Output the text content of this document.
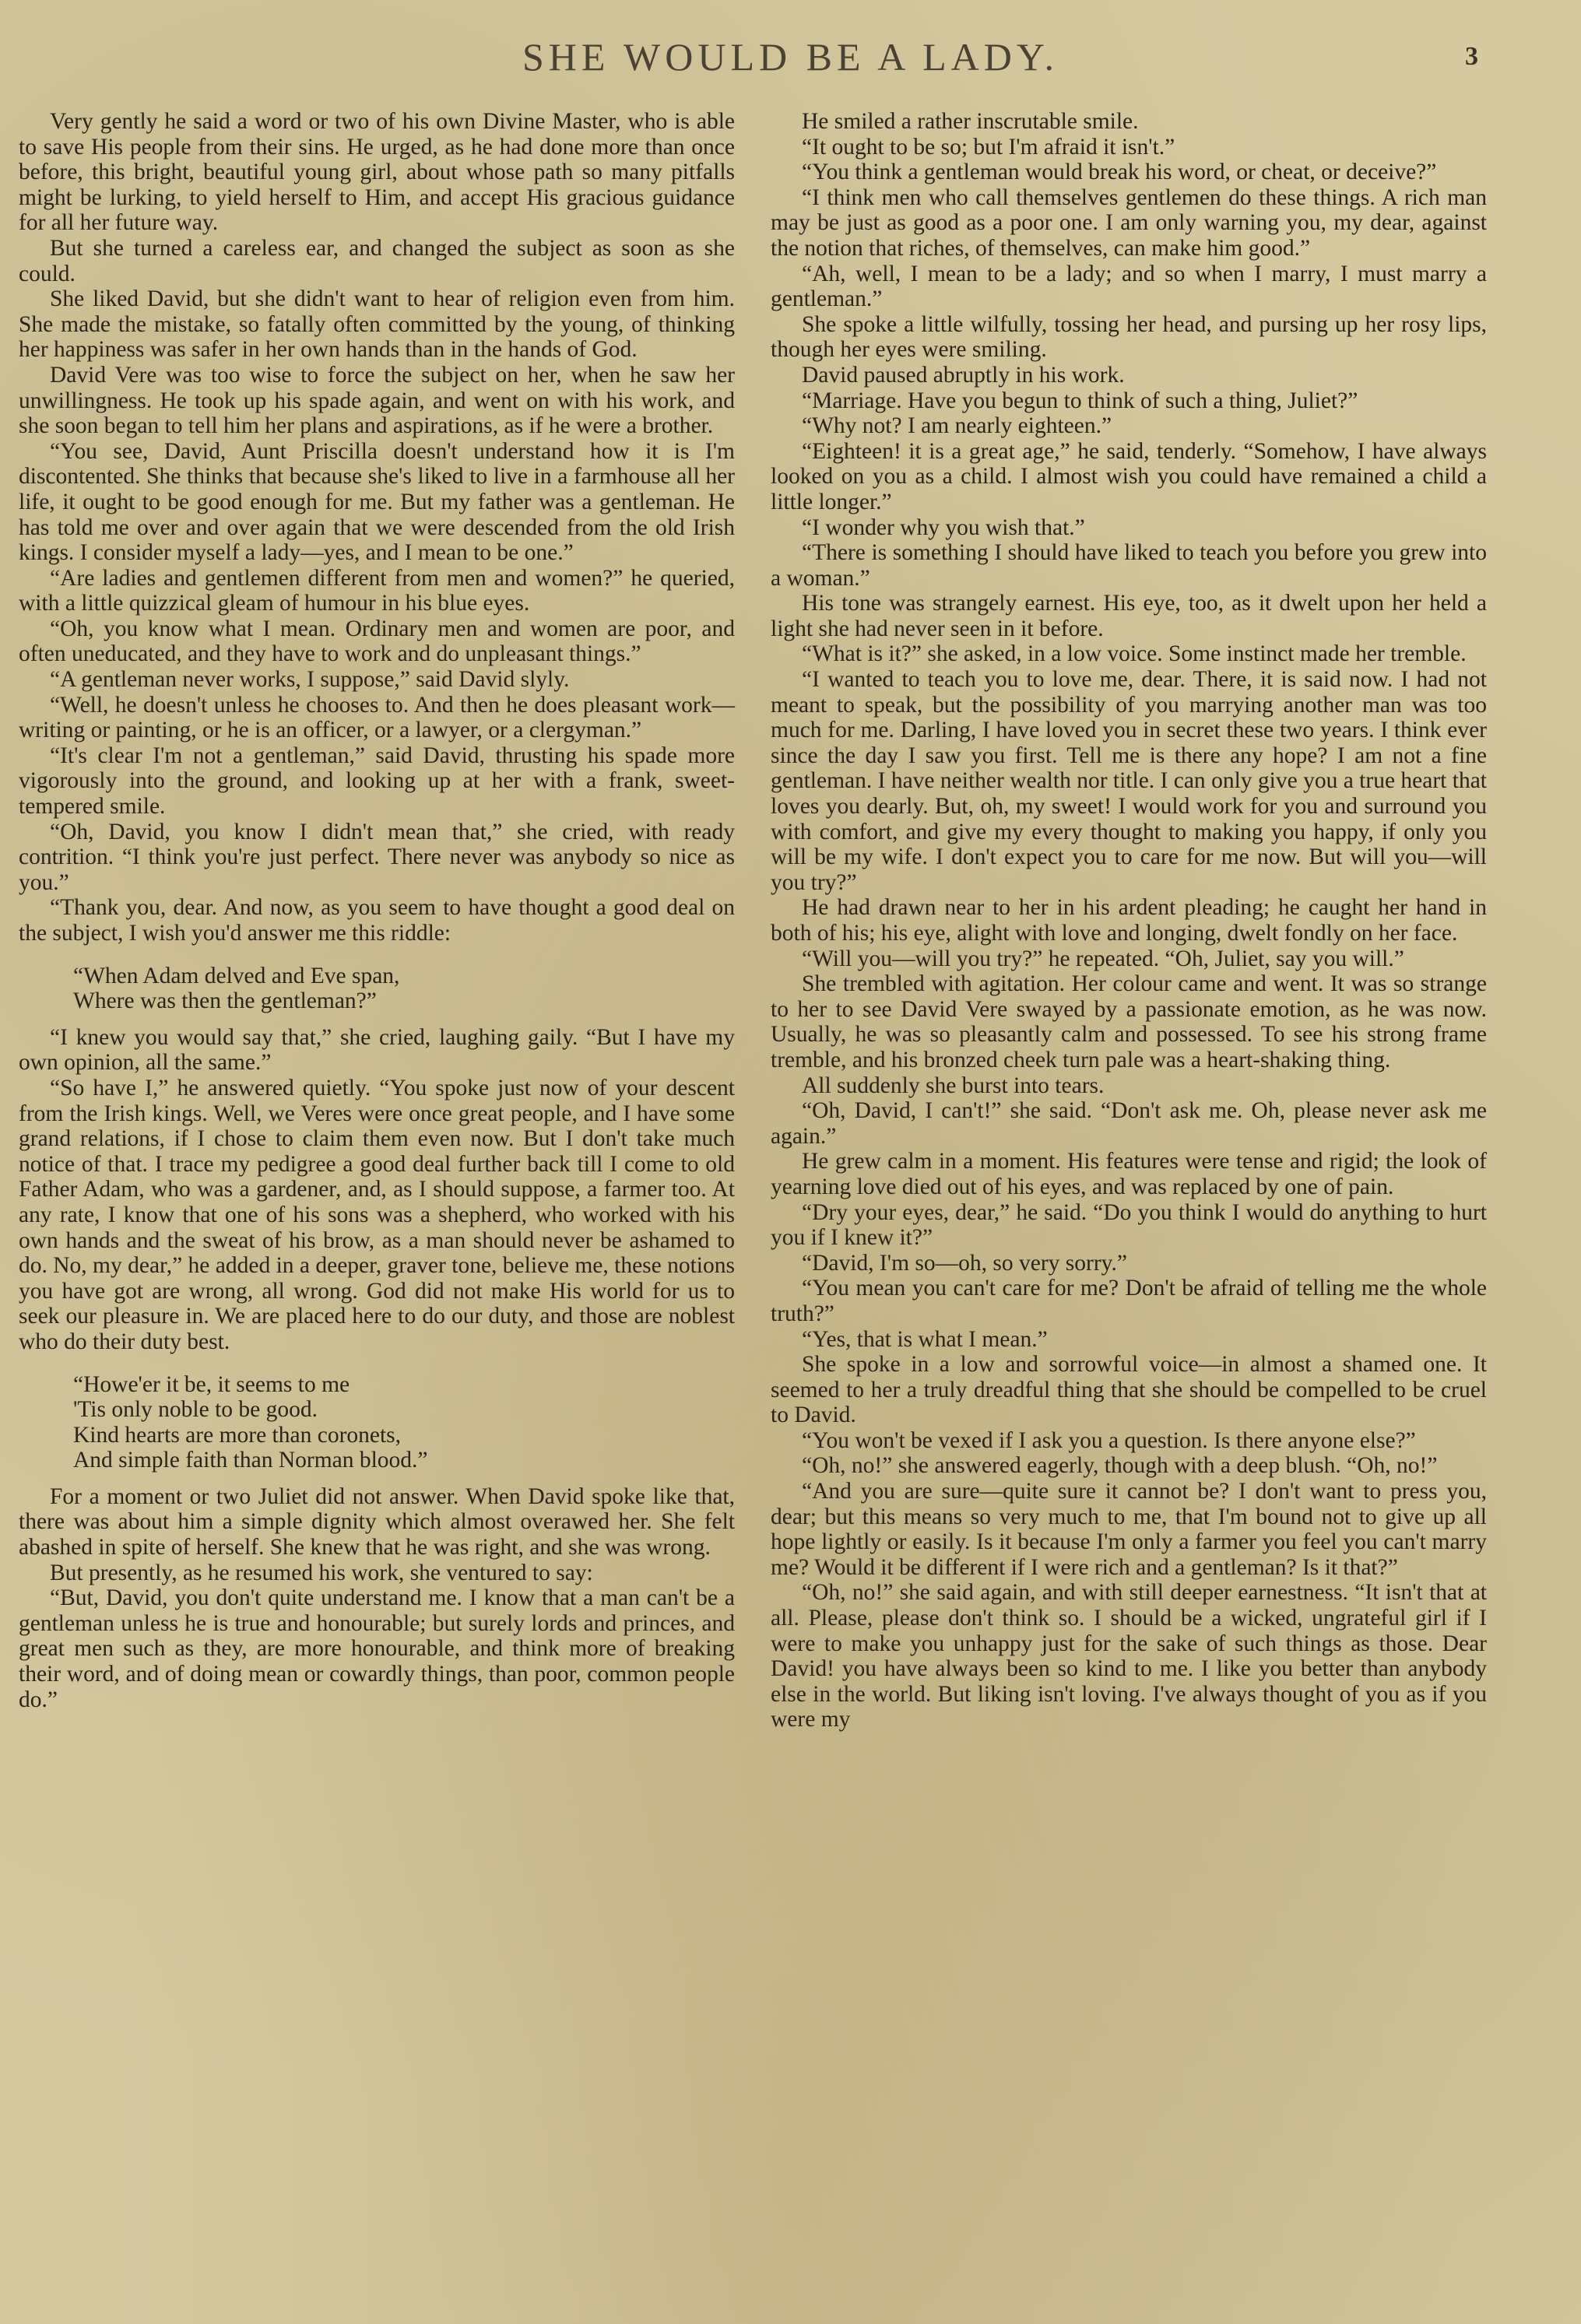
SHE WOULD BE A LADY.	3

Very gently he said a word or two of his own Divine Master, who is able to save His people from their sins. He urged, as he had done more than once before, this bright, beautiful young girl, about whose path so many pitfalls might be lurking, to yield herself to Him, and accept His gracious guidance for all her future way.

But she turned a careless ear, and changed the subject as soon as she could.

She liked David, but she didn't want to hear of religion even from him. She made the mistake, so fatally often committed by the young, of thinking her happiness was safer in her own hands than in the hands of God.

David Vere was too wise to force the subject on her, when he saw her unwillingness. He took up his spade again, and went on with his work, and she soon began to tell him her plans and aspirations, as if he were a brother.

“You see, David, Aunt Priscilla doesn't understand how it is I'm discontented. She thinks that because she's liked to live in a farmhouse all her life, it ought to be good enough for me. But my father was a gentleman. He has told me over and over again that we were descended from the old Irish kings. I consider myself a lady—yes, and I mean to be one.”

“Are ladies and gentlemen different from men and women?” he queried, with a little quizzical gleam of humour in his blue eyes.

“Oh, you know what I mean. Ordinary men and women are poor, and often uneducated, and they have to work and do unpleasant things.”

“A gentleman never works, I suppose,” said David slyly.

“Well, he doesn't unless he chooses to. And then he does pleasant work—writing or painting, or he is an officer, or a lawyer, or a clergyman.”

“It's clear I'm not a gentleman,” said David, thrusting his spade more vigorously into the ground, and looking up at her with a frank, sweet-tempered smile.

“Oh, David, you know I didn't mean that,” she cried, with ready contrition. “I think you're just perfect. There never was anybody so nice as you.”

“Thank you, dear. And now, as you seem to have thought a good deal on the subject, I wish you'd answer me this riddle:

“When Adam delved and Eve span,
Where was then the gentleman?”

“I knew you would say that,” she cried, laughing gaily. “But I have my own opinion, all the same.”

“So have I,” he answered quietly. “You spoke just now of your descent from the Irish kings. Well, we Veres were once great people, and I have some grand relations, if I chose to claim them even now. But I don't take much notice of that. I trace my pedigree a good deal further back till I come to old Father Adam, who was a gardener, and, as I should suppose, a farmer too. At any rate, I know that one of his sons was a shepherd, who worked with his own hands and the sweat of his brow, as a man should never be ashamed to do. No, my dear,” he added in a deeper, graver tone, believe me, these notions you have got are wrong, all wrong. God did not make His world for us to seek our pleasure in. We are placed here to do our duty, and those are noblest who do their duty best.

“Howe'er it be, it seems to me
'Tis only noble to be good.
Kind hearts are more than coronets,
And simple faith than Norman blood.”

For a moment or two Juliet did not answer. When David spoke like that, there was about him a simple dignity which almost overawed her. She felt abashed in spite of herself. She knew that he was right, and she was wrong.

But presently, as he resumed his work, she ventured to say:

“But, David, you don't quite understand me. I know that a man can't be a gentleman unless he is true and honourable; but surely lords and princes, and great men such as they, are more honourable, and think more of breaking their word, and of doing mean or cowardly things, than poor, common people do.”

He smiled a rather inscrutable smile.

“It ought to be so; but I'm afraid it isn't.”

“You think a gentleman would break his word, or cheat, or deceive?”

“I think men who call themselves gentlemen do these things. A rich man may be just as good as a poor one. I am only warning you, my dear, against the notion that riches, of themselves, can make him good.”

“Ah, well, I mean to be a lady; and so when I marry, I must marry a gentleman.”

She spoke a little wilfully, tossing her head, and pursing up her rosy lips, though her eyes were smiling.

David paused abruptly in his work.

“Marriage. Have you begun to think of such a thing, Juliet?”

“Why not? I am nearly eighteen.”

“Eighteen! it is a great age,” he said, tenderly. “Somehow, I have always looked on you as a child. I almost wish you could have remained a child a little longer.”

“I wonder why you wish that.”

“There is something I should have liked to teach you before you grew into a woman.”

His tone was strangely earnest. His eye, too, as it dwelt upon her held a light she had never seen in it before.

“What is it?” she asked, in a low voice. Some instinct made her tremble.

“I wanted to teach you to love me, dear. There, it is said now. I had not meant to speak, but the possibility of you marrying another man was too much for me. Darling, I have loved you in secret these two years. I think ever since the day I saw you first. Tell me is there any hope? I am not a fine gentleman. I have neither wealth nor title. I can only give you a true heart that loves you dearly. But, oh, my sweet! I would work for you and surround you with comfort, and give my every thought to making you happy, if only you will be my wife. I don't expect you to care for me now. But will you—will you try?”

He had drawn near to her in his ardent pleading; he caught her hand in both of his; his eye, alight with love and longing, dwelt fondly on her face.

“Will you—will you try?” he repeated. “Oh, Juliet, say you will.”

She trembled with agitation. Her colour came and went. It was so strange to her to see David Vere swayed by a passionate emotion, as he was now. Usually, he was so pleasantly calm and possessed. To see his strong frame tremble, and his bronzed cheek turn pale was a heart-shaking thing.

All suddenly she burst into tears.

“Oh, David, I can't!” she said. “Don't ask me. Oh, please never ask me again.”

He grew calm in a moment. His features were tense and rigid; the look of yearning love died out of his eyes, and was replaced by one of pain.

“Dry your eyes, dear,” he said. “Do you think I would do anything to hurt you if I knew it?”

“David, I'm so—oh, so very sorry.”

“You mean you can't care for me? Don't be afraid of telling me the whole truth?”

“Yes, that is what I mean.”

She spoke in a low and sorrowful voice—in almost a shamed one. It seemed to her a truly dreadful thing that she should be compelled to be cruel to David.

“You won't be vexed if I ask you a question. Is there anyone else?”

“Oh, no!” she answered eagerly, though with a deep blush. “Oh, no!”

“And you are sure—quite sure it cannot be? I don't want to press you, dear; but this means so very much to me, that I'm bound not to give up all hope lightly or easily. Is it because I'm only a farmer you feel you can't marry me? Would it be different if I were rich and a gentleman? Is it that?”

“Oh, no!” she said again, and with still deeper earnestness. “It isn't that at all. Please, please don't think so. I should be a wicked, ungrateful girl if I were to make you unhappy just for the sake of such things as those. Dear David! you have always been so kind to me. I like you better than anybody else in the world. But liking isn't loving. I've always thought of you as if you were my
